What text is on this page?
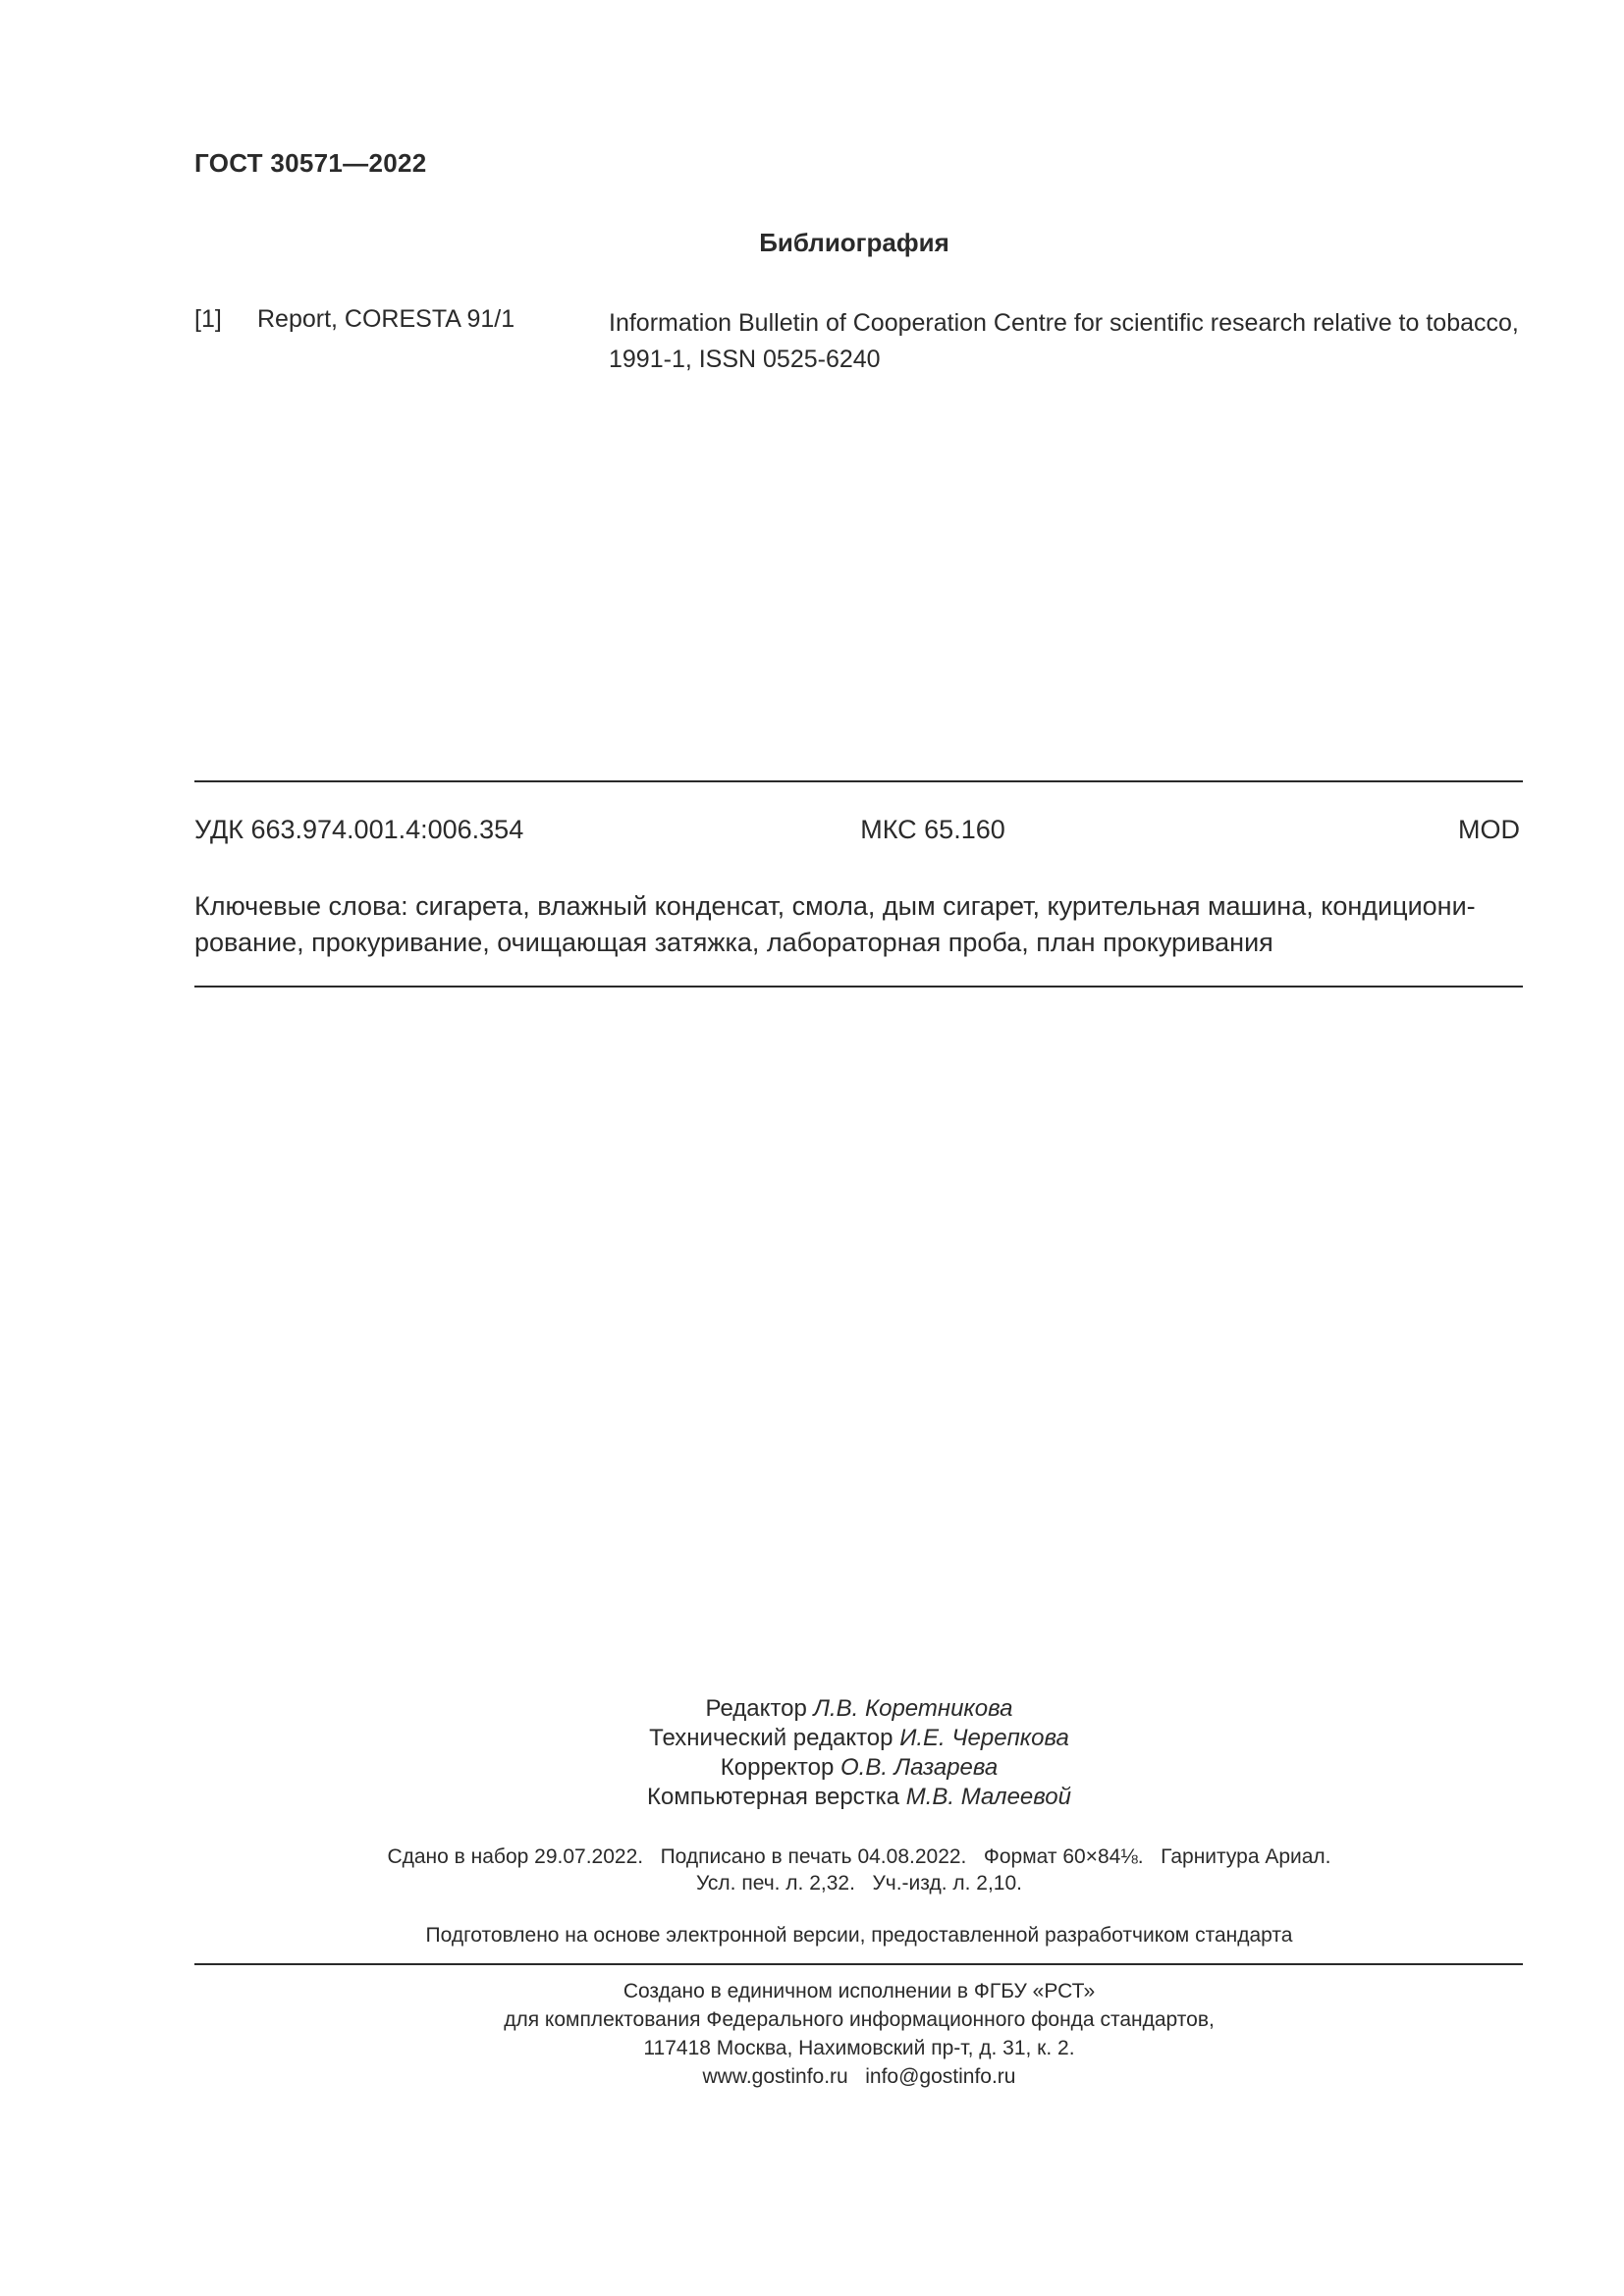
ГОСТ 30571—2022
Библиография
[1] Report, CORESTA 91/1	Information Bulletin of Cooperation Centre for scientific research relative to tobacco,
1991-1, ISSN 0525-6240
УДК 663.974.001.4:006.354	МКС 65.160	MOD
Ключевые слова: сигарета, влажный конденсат, смола, дым сигарет, курительная машина, кондициони-
рование, прокуривание, очищающая затяжка, лабораторная проба, план прокуривания
Редактор Л.В. Коретникова
Технический редактор И.Е. Черепкова
Корректор О.В. Лазарева
Компьютерная верстка М.В. Малеевой
Сдано в набор 29.07.2022.   Подписано в печать 04.08.2022.   Формат 60×84⅛.   Гарнитура Ариал.
Усл. печ. л. 2,32.   Уч.-изд. л. 2,10.
Подготовлено на основе электронной версии, предоставленной разработчиком стандарта
Создано в единичном исполнении в ФГБУ «РСТ»
для комплектования Федерального информационного фонда стандартов,
117418 Москва, Нахимовский пр-т, д. 31, к. 2.
www.gostinfo.ru info@gostinfo.ru
